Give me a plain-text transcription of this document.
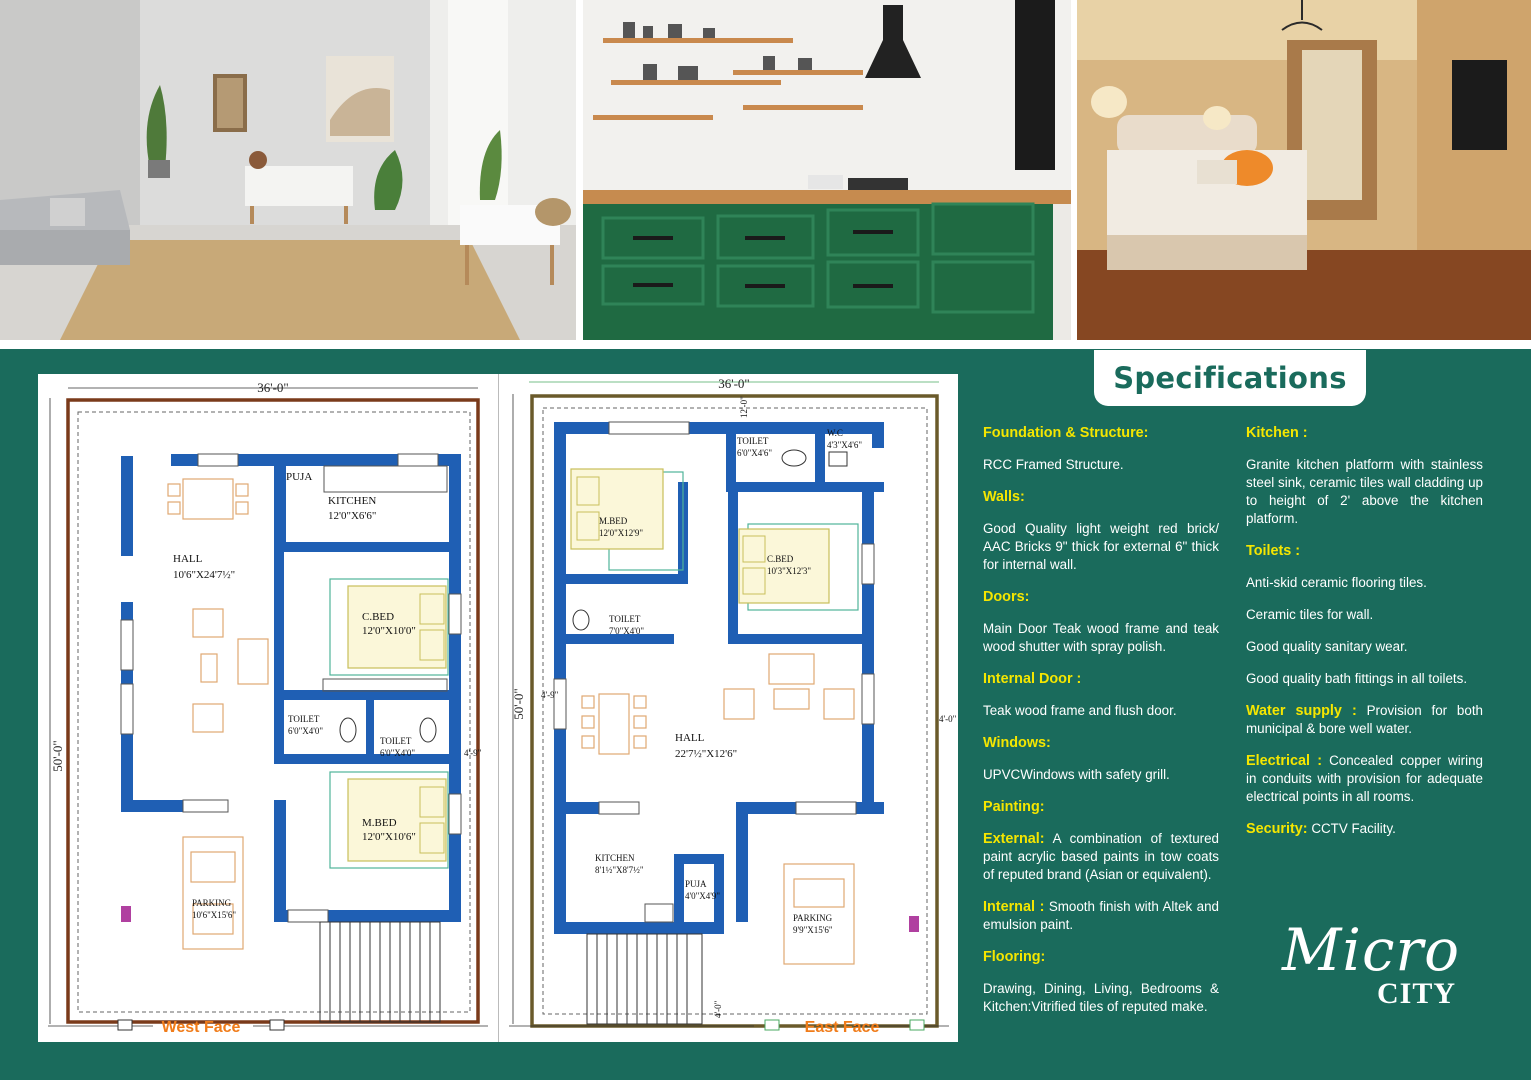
36'-0"
50'-0"
PUJA
KITCHEN
12'0"X6'6"
HALL
10'6"X24'7½"
C.BED
12'0"X10'0"
TOILET
6'0"X4'0"
TOILET
6'0"X4'0"
M.BED
12'0"X10'6"
PARKING
10'6"X15'6"
4'-9"
West Face
36'-0"
50'-0"
TOILET
6'0"X4'6"
W.C
4'3"X4'6"
M.BED
12'0"X12'9"
C.BED
10'3"X12'3"
TOILET
7'0"X4'0"
HALL
22'7½"X12'6"
KITCHEN
8'1½"X8'7½"
PUJA
4'0"X4'9"
PARKING
9'9"X15'6"
12'-0"
4'-9"
4'-0"
4'-0"
East Face
Specifications
Foundation & Structure:
RCC Framed Structure.
Walls:
Good Quality light weight red brick/ AAC Bricks 9" thick for external 6" thick for internal wall.
Doors:
Main Door Teak wood frame and teak wood shutter with spray polish.
Internal Door :
Teak wood frame and flush door.
Windows:
UPVCWindows with safety grill.
Painting:
External: A combination of textured paint acrylic based paints in tow coats of reputed brand (Asian or equivalent).
Internal : Smooth finish with Altek and emulsion paint.
Flooring:
Drawing, Dining, Living, Bedrooms & Kitchen:Vitrified tiles of reputed make.
Kitchen :
Granite kitchen platform with stainless steel sink, ceramic tiles wall cladding up to height of 2' above the kitchen platform.
Toilets :
Anti-skid ceramic flooring tiles.
Ceramic tiles for wall.
Good quality sanitary wear.
Good quality bath fittings in all toilets.
Water supply : Provision for both municipal & bore well water.
Electrical : Concealed copper wiring in conduits with provision for adequate electrical points in all rooms.
Security: CCTV Facility.
Micro
CITY
